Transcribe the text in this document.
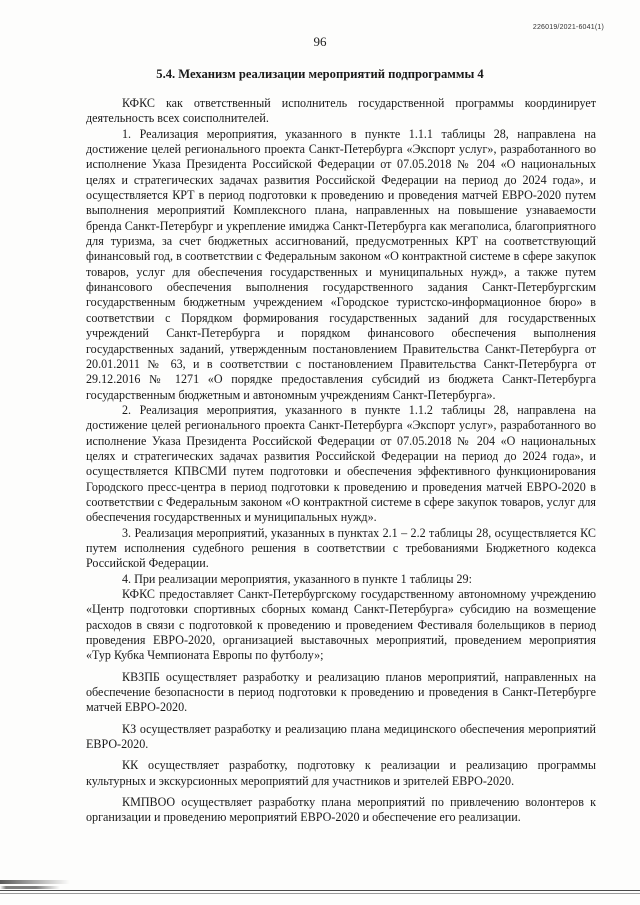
226019/2021-6041(1)
96
5.4. Механизм реализации мероприятий подпрограммы 4

КФКС как ответственный исполнитель государственной программы координирует деятельность всех соисполнителей.

1. Реализация мероприятия, указанного в пункте 1.1.1 таблицы 28, направлена на достижение целей регионального проекта Санкт-Петербурга «Экспорт услуг», разработанного во исполнение Указа Президента Российской Федерации от 07.05.2018 № 204 «О национальных целях и стратегических задачах развития Российской Федерации на период до 2024 года», и осуществляется КРТ в период подготовки к проведению и проведения матчей ЕВРО-2020 путем выполнения мероприятий Комплексного плана, направленных на повышение узнаваемости бренда Санкт-Петербург и укрепление имиджа Санкт-Петербурга как мегаполиса, благоприятного для туризма, за счет бюджетных ассигнований, предусмотренных КРТ на соответствующий финансовый год, в соответствии с Федеральным законом «О контрактной системе в сфере закупок товаров, услуг для обеспечения государственных и муниципальных нужд», а также путем финансового обеспечения выполнения государственного задания Санкт-Петербургским государственным бюджетным учреждением «Городское туристско-информационное бюро» в соответствии с Порядком формирования государственных заданий для государственных учреждений Санкт-Петербурга и порядком финансового обеспечения выполнения государственных заданий, утвержденным постановлением Правительства Санкт-Петербурга от 20.01.2011 № 63, и в соответствии с постановлением Правительства Санкт-Петербурга от 29.12.2016 № 1271 «О порядке предоставления субсидий из бюджета Санкт-Петербурга государственным бюджетным и автономным учреждениям Санкт-Петербурга».

2. Реализация мероприятия, указанного в пункте 1.1.2 таблицы 28, направлена на достижение целей регионального проекта Санкт-Петербурга «Экспорт услуг», разработанного во исполнение Указа Президента Российской Федерации от 07.05.2018 № 204 «О национальных целях и стратегических задачах развития Российской Федерации на период до 2024 года», и осуществляется КПВСМИ путем подготовки и обеспечения эффективного функционирования Городского пресс-центра в период подготовки к проведению и проведения матчей ЕВРО-2020 в соответствии с Федеральным законом «О контрактной системе в сфере закупок товаров, услуг для обеспечения государственных и муниципальных нужд».

3. Реализация мероприятий, указанных в пунктах 2.1 – 2.2 таблицы 28, осуществляется КС путем исполнения судебного решения в соответствии с требованиями Бюджетного кодекса Российской Федерации.

4. При реализации мероприятия, указанного в пункте 1 таблицы 29:

КФКС предоставляет Санкт-Петербургскому государственному автономному учреждению «Центр подготовки спортивных сборных команд Санкт-Петербурга» субсидию на возмещение расходов в связи с подготовкой к проведению и проведением Фестиваля болельщиков в период проведения ЕВРО-2020, организацией выставочных мероприятий, проведением мероприятия «Тур Кубка Чемпионата Европы по футболу»;

КВЗПБ осуществляет разработку и реализацию планов мероприятий, направленных на обеспечение безопасности в период подготовки к проведению и проведения в Санкт-Петербурге матчей ЕВРО-2020.

КЗ осуществляет разработку и реализацию плана медицинского обеспечения мероприятий ЕВРО-2020.

КК осуществляет разработку, подготовку к реализации и реализацию программы культурных и экскурсионных мероприятий для участников и зрителей ЕВРО-2020.

КМПВОО осуществляет разработку плана мероприятий по привлечению волонтеров к организации и проведению мероприятий ЕВРО-2020 и обеспечение его реализации.
